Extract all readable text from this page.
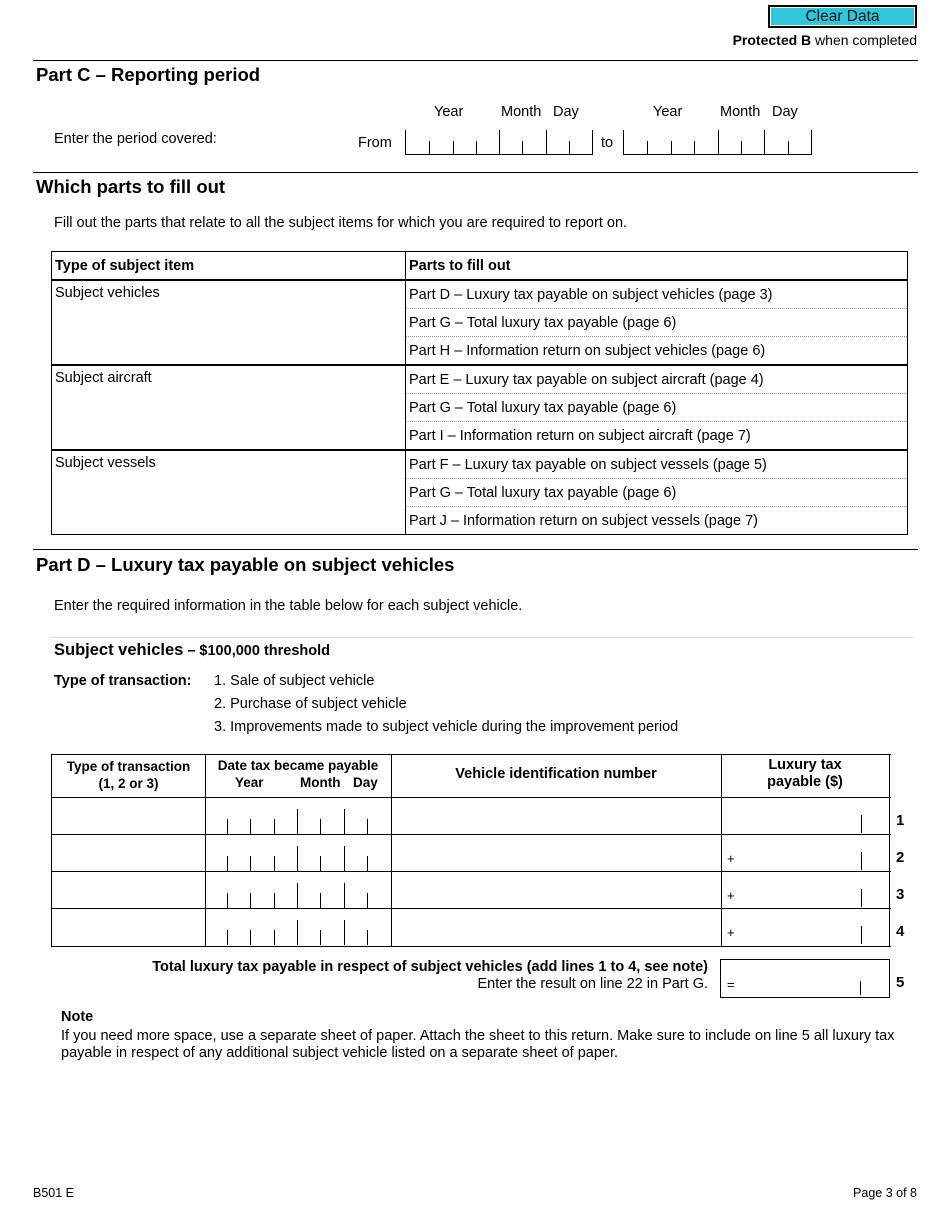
Clear Data
Protected B when completed
Part C – Reporting period
Year	Month Day	Year	Month Day
Enter the period covered:	From	to
Which parts to fill out
Fill out the parts that relate to all the subject items for which you are required to report on.
Type of subject item	Parts to fill out
Subject vehicles	Part D – Luxury tax payable on subject vehicles (page 3)
	Part G – Total luxury tax payable (page 6)
	Part H – Information return on subject vehicles (page 6)
Subject aircraft	Part E – Luxury tax payable on subject aircraft (page 4)
	Part G – Total luxury tax payable (page 6)
	Part I – Information return on subject aircraft (page 7)
Subject vessels	Part F – Luxury tax payable on subject vessels (page 5)
	Part G – Total luxury tax payable (page 6)
	Part J – Information return on subject vessels (page 7)
Part D – Luxury tax payable on subject vehicles
Enter the required information in the table below for each subject vehicle.
Subject vehicles – $100,000 threshold
Type of transaction: 1. Sale of subject vehicle
2. Purchase of subject vehicle
3. Improvements made to subject vehicle during the improvement period
Type of transaction
(1, 2 or 3)
Date tax became payable
Year	Month Day
Vehicle identification number
Luxury tax
payable ($)
+
+
+
1
2
3
4
Total luxury tax payable in respect of subject vehicles (add lines 1 to 4, see note)
Enter the result on line 22 in Part G. =	5
Note
If you need more space, use a separate sheet of paper. Attach the sheet to this return. Make sure to include on line 5 all luxury tax payable in respect of any additional subject vehicle listed on a separate sheet of paper.
B501 E	Page 3 of 8
